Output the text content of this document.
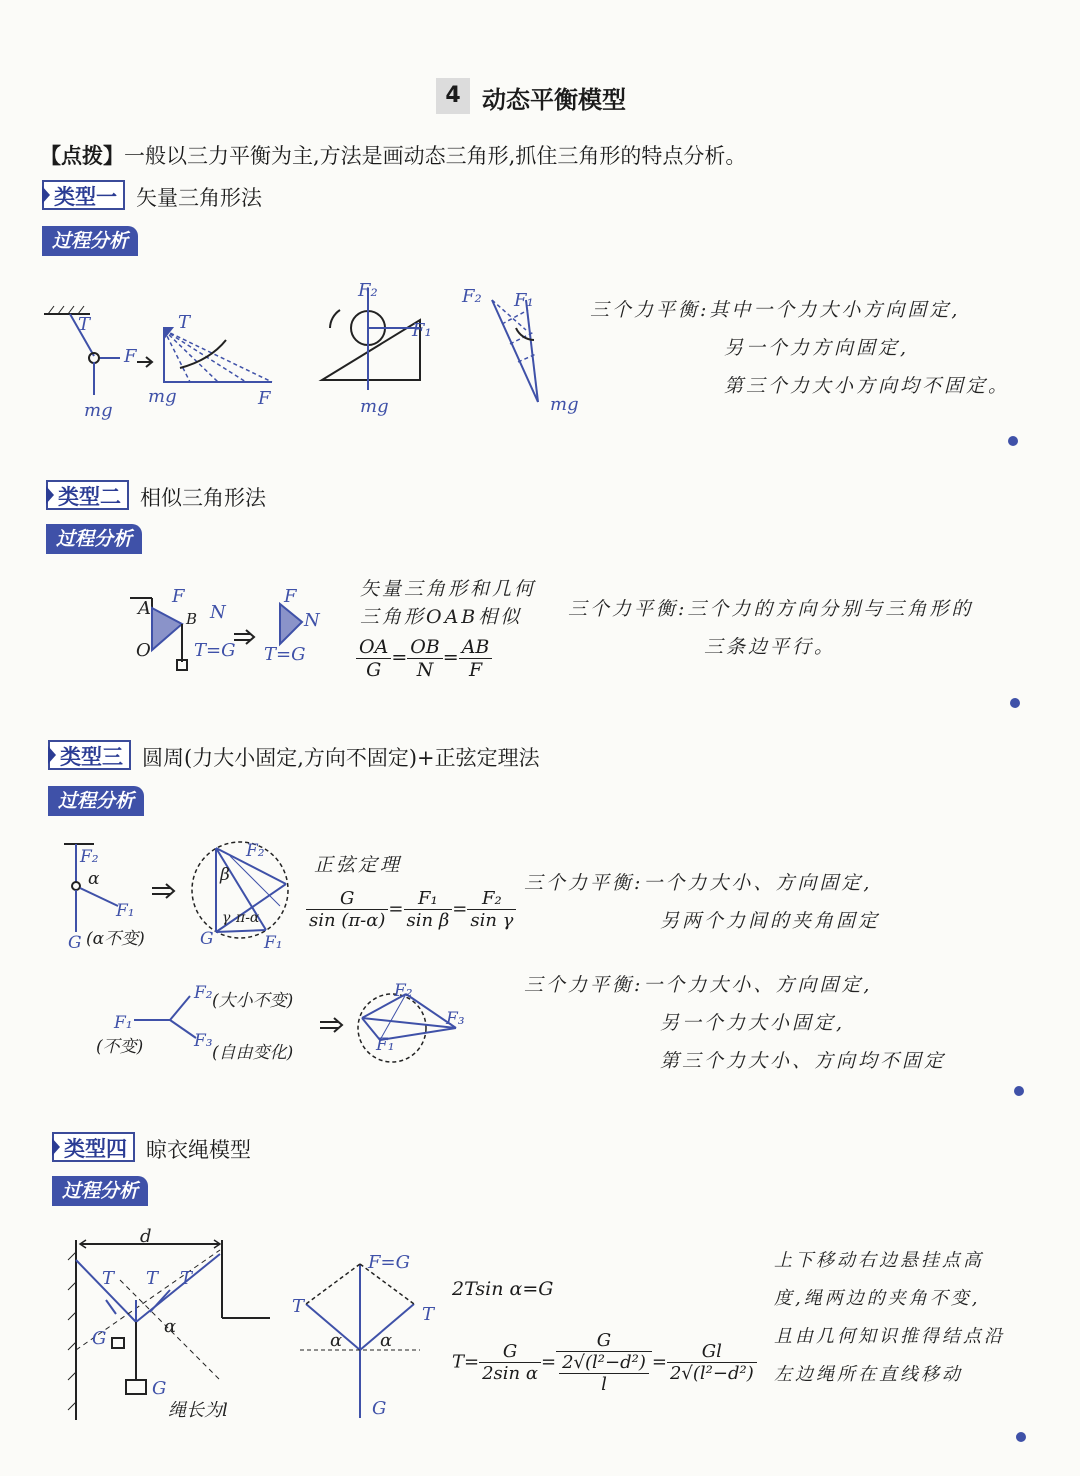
4 动态平衡模型
【点拨】一般以三力平衡为主,方法是画动态三角形,抓住三角形的特点分析。
类型一 矢量三角形法
过程分析
T
F
mg
T
mg	F
F₂
F₁
mg
F₂ F₁
mg
三个力平衡:其中一个力大小方向固定,
另一个力方向固定,
第三个力大小方向均不固定。
类型二 相似三角形法
过程分析
A B
O
F
N
T=G
F
N
T=G
矢量三角形和几何
三角形OAB相似
$\frac{OA}{G} = \frac{OB}{N} = \frac{AB}{F}$
三个力平衡:三个力的方向分别与三角形的
三条边平行。
类型三 圆周(力大小固定,方向不固定)+正弦定理法
过程分析
F₂
α
F₁
G (α不变)
β
F₂
γ π-α
G	F₁
正弦定理
$\frac{G}{\sin (\pi-\alpha)} = \frac{\text{F₁}}{\text{sin β}} = \frac{\text{F₂}}{\text{sin γ}}$
三个力平衡:一个力大小、方向固定,
另两个力间的夹角固定
F₂ (大小不变)
F₁
(不变)	F₃
(自由变化)
F₂
F₃
F₁
三个力平衡:一个力大小、方向固定,
另一个力大小固定,
第三个力大小、方向均不固定
类型四 晾衣绳模型
过程分析
d
T T T
G
α
G
绳长为l
F=G
T	T
α α
G
2Tsin α=G
$T= \frac{G}{\text{2sin α}} = \frac{G}{\frac{\text{2√(l²−d²)}}{l}} = \frac{Gl}{\text{2√(l²−d²)}}$
上下移动右边悬挂点高
度,绳两边的夹角不变,
且由几何知识推得结点沿
左边绳所在直线移动
